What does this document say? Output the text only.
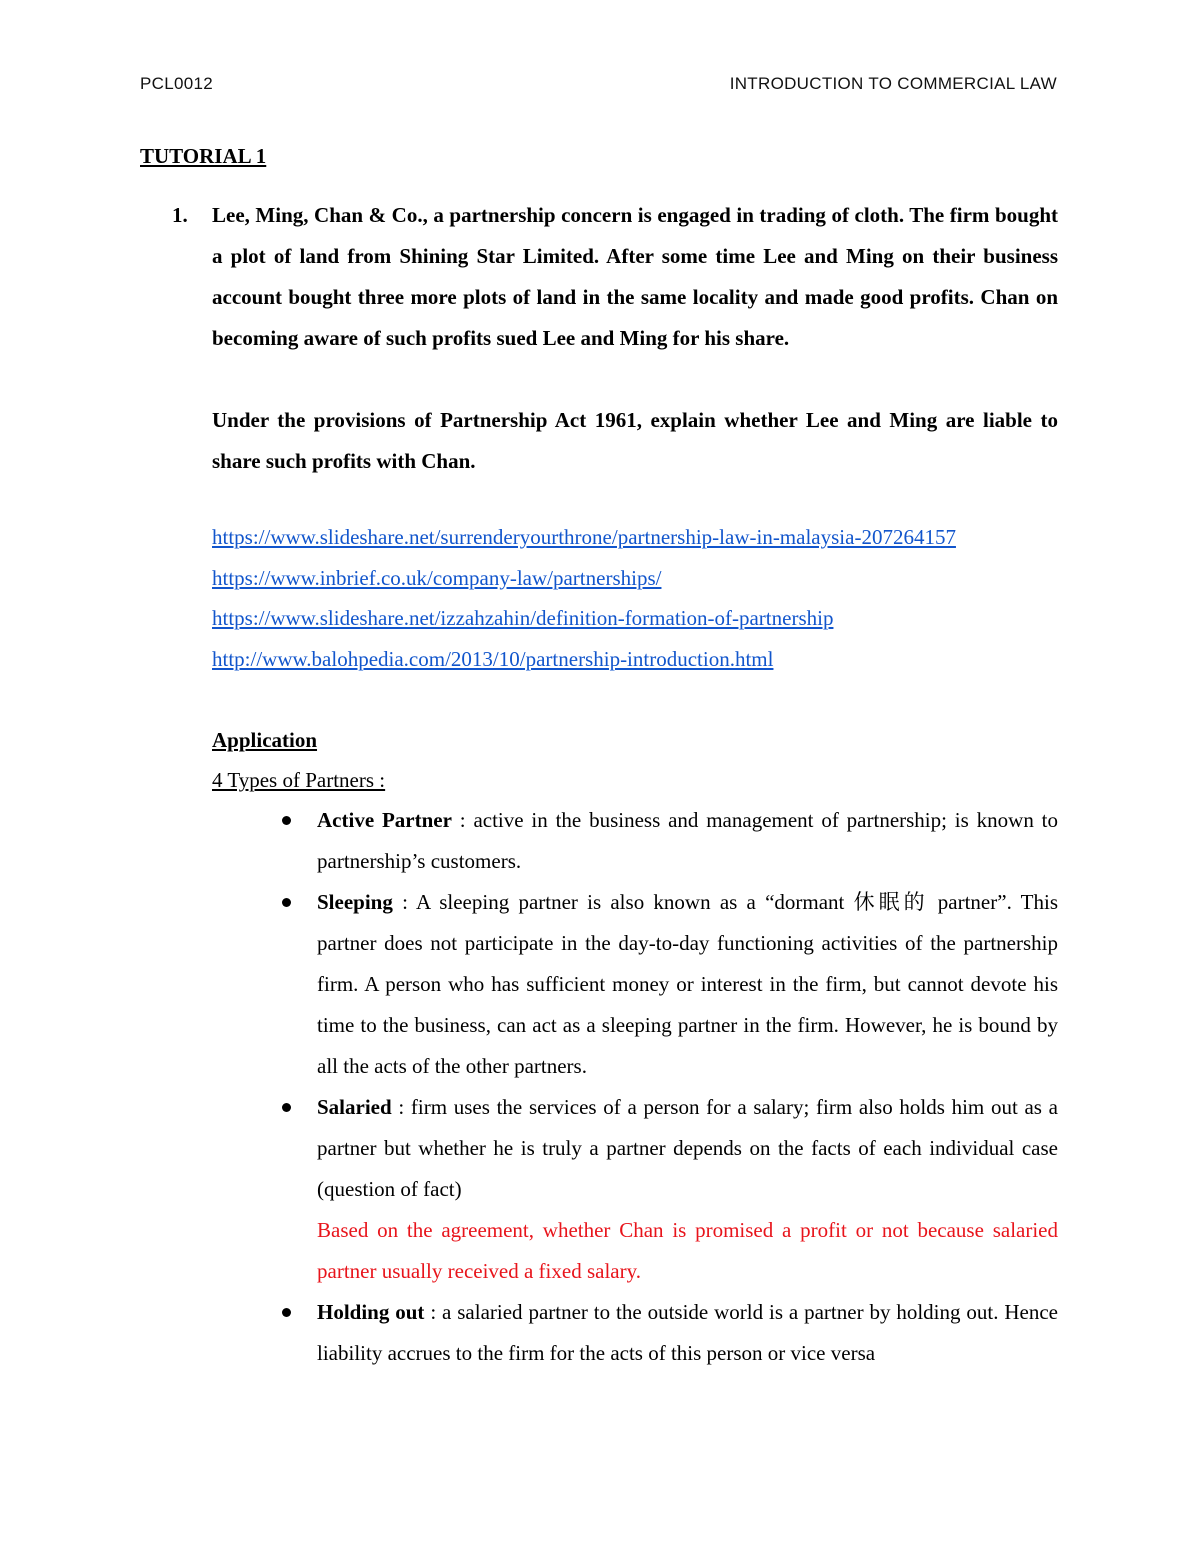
PCL0012	INTRODUCTION TO COMMERCIAL LAW
TUTORIAL 1
1. Lee, Ming, Chan & Co., a partnership concern is engaged in trading of cloth. The firm bought a plot of land from Shining Star Limited. After some time Lee and Ming on their business account bought three more plots of land in the same locality and made good profits. Chan on becoming aware of such profits sued Lee and Ming for his share.

Under the provisions of Partnership Act 1961, explain whether Lee and Ming are liable to share such profits with Chan.

https://www.slideshare.net/surrenderyourthrone/partnership-law-in-malaysia-207264157
https://www.inbrief.co.uk/company-law/partnerships/
https://www.slideshare.net/izzahzahin/definition-formation-of-partnership
http://www.balohpedia.com/2013/10/partnership-introduction.html
Application
4 Types of Partners :
Active Partner : active in the business and management of partnership; is known to partnership’s customers.
Sleeping : A sleeping partner is also known as a “dormant 休眠的 partner”. This partner does not participate in the day-to-day functioning activities of the partnership firm. A person who has sufficient money or interest in the firm, but cannot devote his time to the business, can act as a sleeping partner in the firm. However, he is bound by all the acts of the other partners.
Salaried : firm uses the services of a person for a salary; firm also holds him out as a partner but whether he is truly a partner depends on the facts of each individual case (question of fact)
Based on the agreement, whether Chan is promised a profit or not because salaried partner usually received a fixed salary.
Holding out : a salaried partner to the outside world is a partner by holding out. Hence liability accrues to the firm for the acts of this person or vice versa
